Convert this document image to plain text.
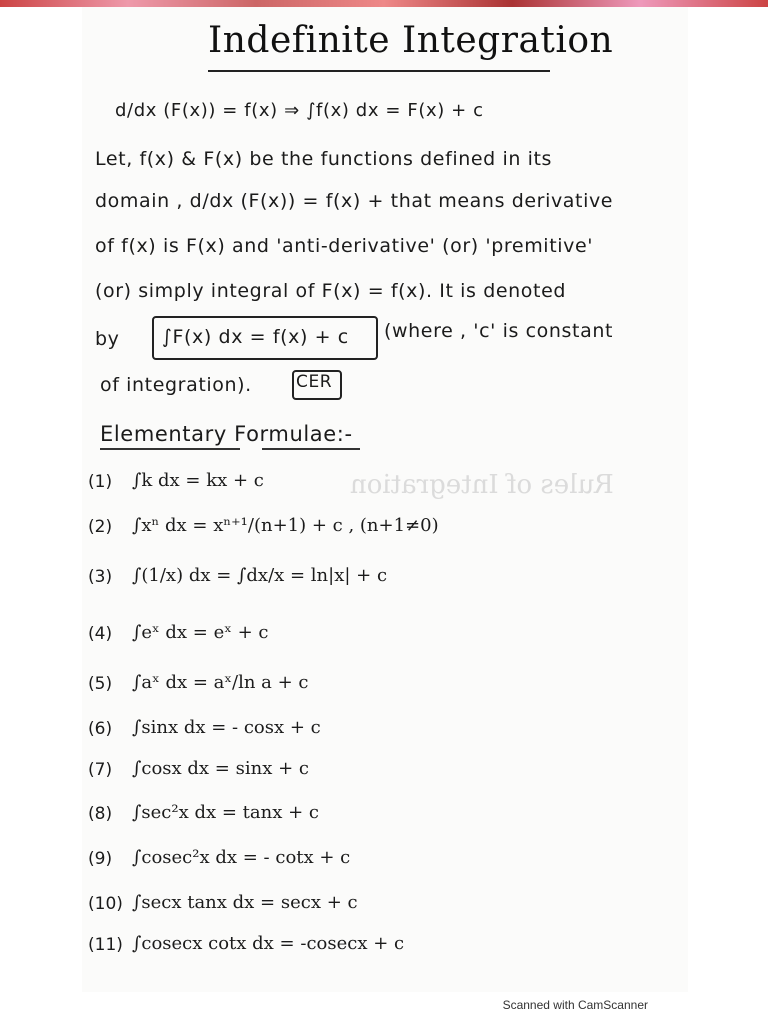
Rules of Integration
Indefinite Integration
d/dx (F(x)) = f(x) ⇒ ∫f(x) dx = F(x) + c
Let, f(x) & F(x) be the functions defined in its
domain , d/dx (F(x)) = f(x) + that means derivative
of f(x) is F(x) and 'anti-derivative' (or) 'premitive'
(or) simply integral of F(x) = f(x). It is denoted
by ∫F(x) dx = f(x) + c (where , 'c' is constant
of integration).	CER
Elementary Formulae:-
(1) ∫k dx = kx + c
(2) ∫xⁿ dx = xⁿ⁺¹/(n+1) + c , (n+1≠0)
(3) ∫(1/x) dx = ∫dx/x = ln|x| + c
(4) ∫eˣ dx = eˣ + c
(5) ∫aˣ dx = aˣ/ln a + c
(6) ∫sinx dx = - cosx + c
(7) ∫cosx dx = sinx + c
(8) ∫sec²x dx = tanx + c
(9) ∫cosec²x dx = - cotx + c
(10) ∫secx tanx dx = secx + c
(11) ∫cosecx cotx dx = -cosecx + c
Scanned with CamScanner
